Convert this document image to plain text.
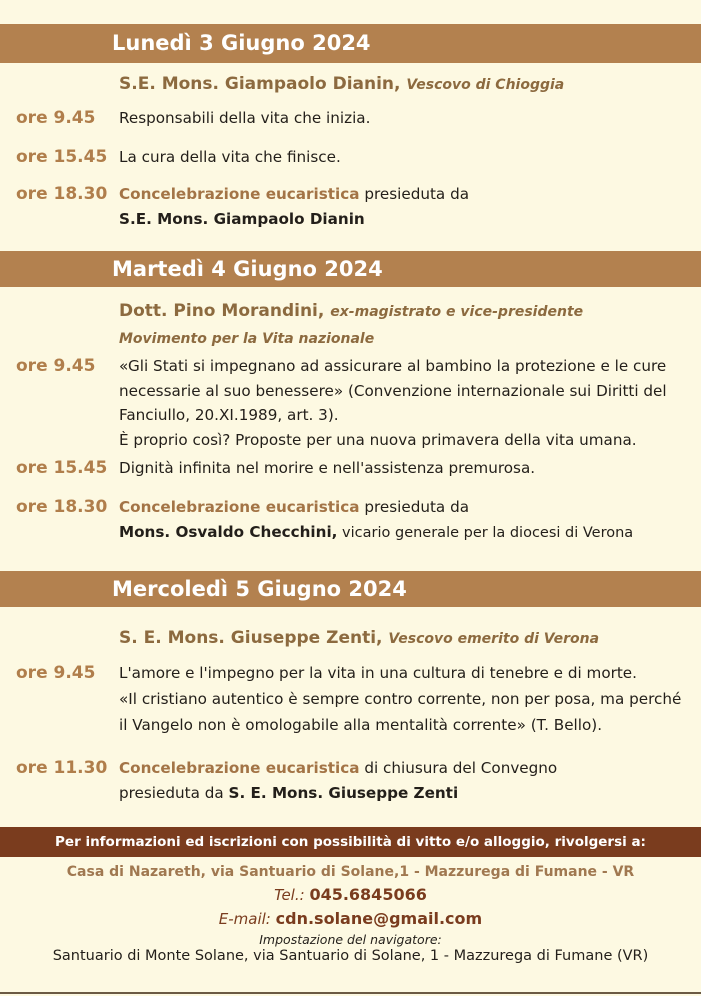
Lunedì 3 Giugno 2024
S.E. Mons. Giampaolo Dianin, Vescovo di Chioggia
ore 9.45 Responsabili della vita che inizia.
ore 15.45 La cura della vita che finisce.
ore 18.30 Concelebrazione eucaristica presieduta da
S.E. Mons. Giampaolo Dianin
Martedì 4 Giugno 2024
Dott. Pino Morandini, ex-magistrato e vice-presidente
Movimento per la Vita nazionale
ore 9.45 «Gli Stati si impegnano ad assicurare al bambino la protezione e le cure necessarie al suo benessere» (Convenzione internazionale sui Diritti del Fanciullo, 20.XI.1989, art. 3).
È proprio così? Proposte per una nuova primavera della vita umana.
ore 15.45 Dignità infinita nel morire e nell'assistenza premurosa.
ore 18.30 Concelebrazione eucaristica presieduta da
Mons. Osvaldo Checchini, vicario generale per la diocesi di Verona
Mercoledì 5 Giugno 2024
S. E. Mons. Giuseppe Zenti, Vescovo emerito di Verona
ore 9.45 L'amore e l'impegno per la vita in una cultura di tenebre e di morte.
«Il cristiano autentico è sempre contro corrente, non per posa, ma perché il Vangelo non è omologabile alla mentalità corrente» (T. Bello).
ore 11.30 Concelebrazione eucaristica di chiusura del Convegno
presieduta da S. E. Mons. Giuseppe Zenti
Per informazioni ed iscrizioni con possibilità di vitto e/o alloggio, rivolgersi a:
Casa di Nazareth, via Santuario di Solane,1 - Mazzurega di Fumane - VR
Tel.: 045.6845066
E-mail: cdn.solane@gmail.com
Impostazione del navigatore:
Santuario di Monte Solane, via Santuario di Solane, 1 - Mazzurega di Fumane (VR)
